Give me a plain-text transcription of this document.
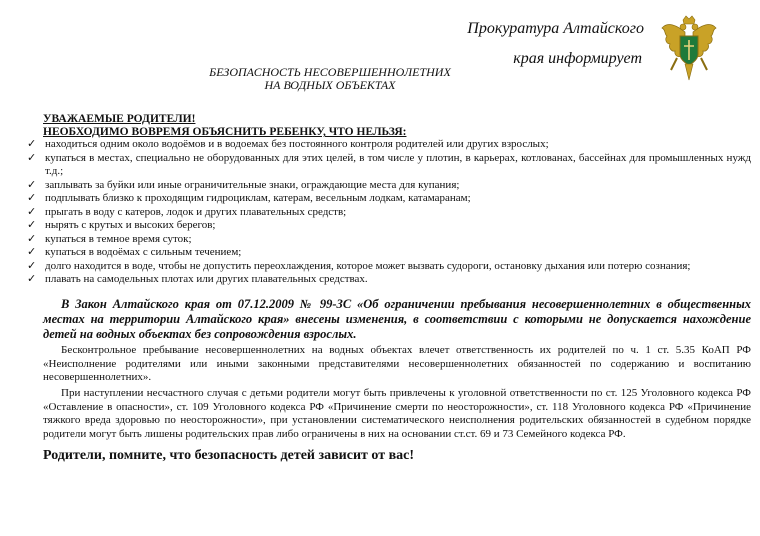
Прокуратура Алтайского
края информирует
БЕЗОПАСНОСТЬ НЕСОВЕРШЕННОЛЕТНИХ
НА ВОДНЫХ ОБЪЕКТАХ
УВАЖАЕМЫЕ РОДИТЕЛИ!
НЕОБХОДИМО ВОВРЕМЯ ОБЪЯСНИТЬ РЕБЕНКУ, ЧТО НЕЛЬЗЯ:
✓ находиться одним около водоёмов и в водоемах без постоянного контроля родителей или других взрослых;
✓ купаться в местах, специально не оборудованных для этих целей, в том числе у плотин, в карьерах, котлованах, бассейнах для промышленных нужд т.д.;
✓ заплывать за буйки или иные ограничительные знаки, ограждающие места для купания;
✓ подплывать близко к проходящим гидроциклам, катерам, весельным лодкам, катамаранам;
✓ прыгать в воду с катеров, лодок и других плавательных средств;
✓ нырять с крутых и высоких берегов;
✓ купаться в темное время суток;
✓ купаться в водоёмах с сильным течением;
✓ долго находится в воде, чтобы не допустить переохлаждения, которое может вызвать судороги, остановку дыхания или потерю сознания;
✓ плавать на самодельных плотах или других плавательных средствах.
В Закон Алтайского края от 07.12.2009 № 99-ЗС «Об ограничении пребывания несовершеннолетних в общественных местах на территории Алтайского края» внесены изменения, в соответствии с которыми не допускается нахождение детей на водных объектах без сопровождения взрослых.
Бесконтрольное пребывание несовершеннолетних на водных объектах влечет ответственность их родителей по ч. 1 ст. 5.35 КоАП РФ «Неисполнение родителями или иными законными представителями несовершеннолетних обязанностей по содержанию и воспитанию несовершеннолетних».
При наступлении несчастного случая с детьми родители могут быть привлечены к уголовной ответственности по ст. 125 Уголовного кодекса РФ «Оставление в опасности», ст. 109 Уголовного кодекса РФ «Причинение смерти по неосторожности», ст. 118 Уголовного кодекса РФ «Причинение тяжкого вреда здоровью по неосторожности», при установлении систематического неисполнения родительских обязанностей в судебном порядке родители могут быть лишены родительских прав либо ограничены в них на основании ст.ст. 69 и 73 Семейного кодекса РФ.
Родители, помните, что безопасность детей зависит от вас!
